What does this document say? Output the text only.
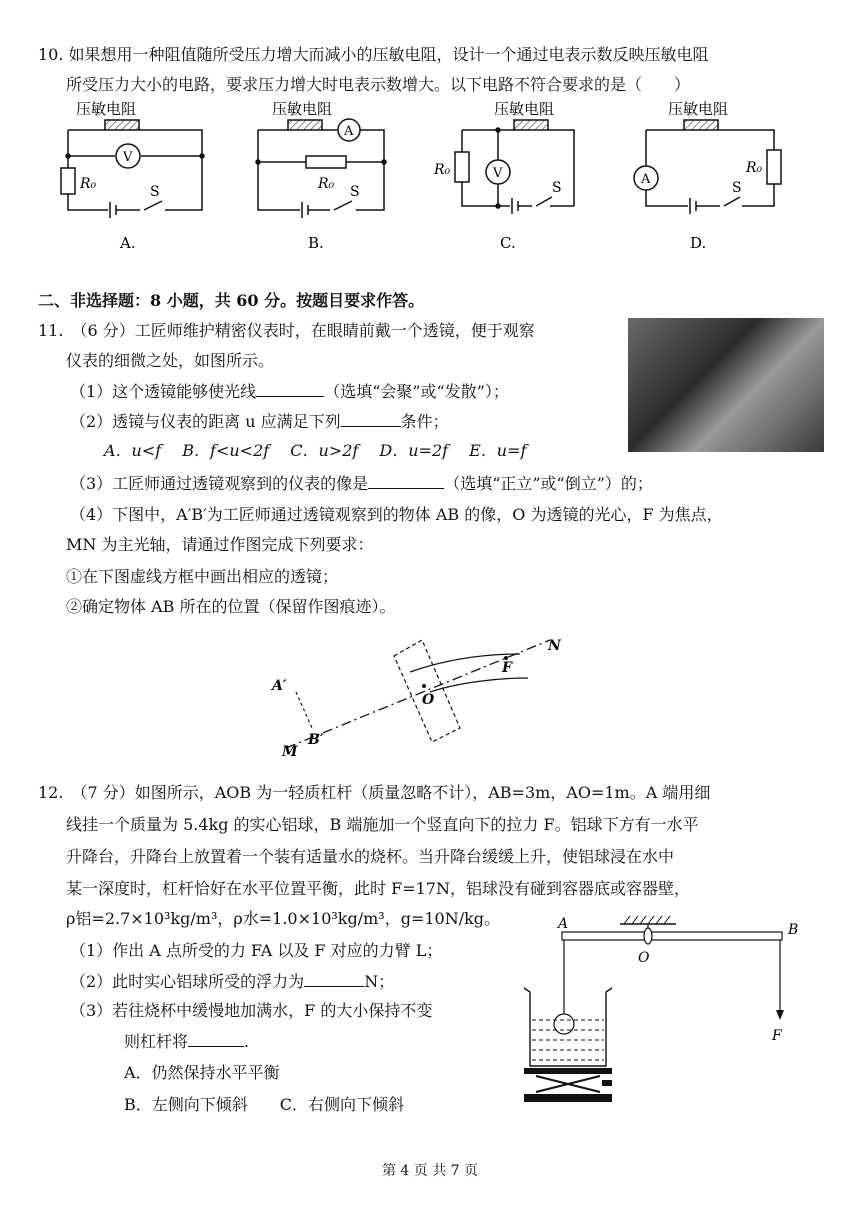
10. 如果想用一种阻值随所受压力增大而减小的压敏电阻，设计一个通过电表示数反映压敏电阻
所受压力大小的电路，要求压力增大时电表示数增大。以下电路不符合要求的是（　　）
压敏电阻
V
R₀	S
A.
压敏电阻
A
R₀ S
B.
压敏电阻
V
R₀
S
C.
压敏电阻
A
R₀
S
D.
二、非选择题：8 小题，共 60 分。按题目要求作答。
11.　（6 分）工匠师维护精密仪表时，在眼睛前戴一个透镜，便于观察
仪表的细微之处，如图所示。
（1）这个透镜能够使光线	（选填“会聚”或“发散”）；
（2）透镜与仪表的距离 u 应满足下列	条件；
A．u<f　 B．f<u<2f　 C．u>2f　 D．u=2f　 E．u=f
（3）工匠师通过透镜观察到的仪表的像是	（选填“正立”或“倒立”）的；
（4）下图中，A′B′为工匠师通过透镜观察到的物体 AB 的像，O 为透镜的光心，F 为焦点，
MN 为主光轴，请通过作图完成下列要求：
①在下图虚线方框中画出相应的透镜；
②确定物体 AB 所在的位置（保留作图痕迹）。
N
F
O
A′
B′
M
12.　（7 分）如图所示，AOB 为一轻质杠杆（质量忽略不计），AB=3m，AO=1m。A 端用细
线挂一个质量为 5.4kg 的实心铝球，B 端施加一个竖直向下的拉力 F。铝球下方有一水平
升降台，升降台上放置着一个装有适量水的烧杯。当升降台缓缓上升，使铝球浸在水中
某一深度时，杠杆恰好在水平位置平衡，此时 F=17N，铝球没有碰到容器底或容器壁，
ρ铝=2.7×10³kg/m³，ρ水=1.0×10³kg/m³，g=10N/kg。
（1）作出 A 点所受的力 FA 以及 F 对应的力臂 L；
（2）此时实心铝球所受的浮力为	N；
（3）若往烧杯中缓慢地加满水，F 的大小保持不变
则杠杆将	.
A．仍然保持水平平衡
B．左侧向下倾斜　　C．右侧向下倾斜
A	B
O
F
第 4 页 共 7 页
